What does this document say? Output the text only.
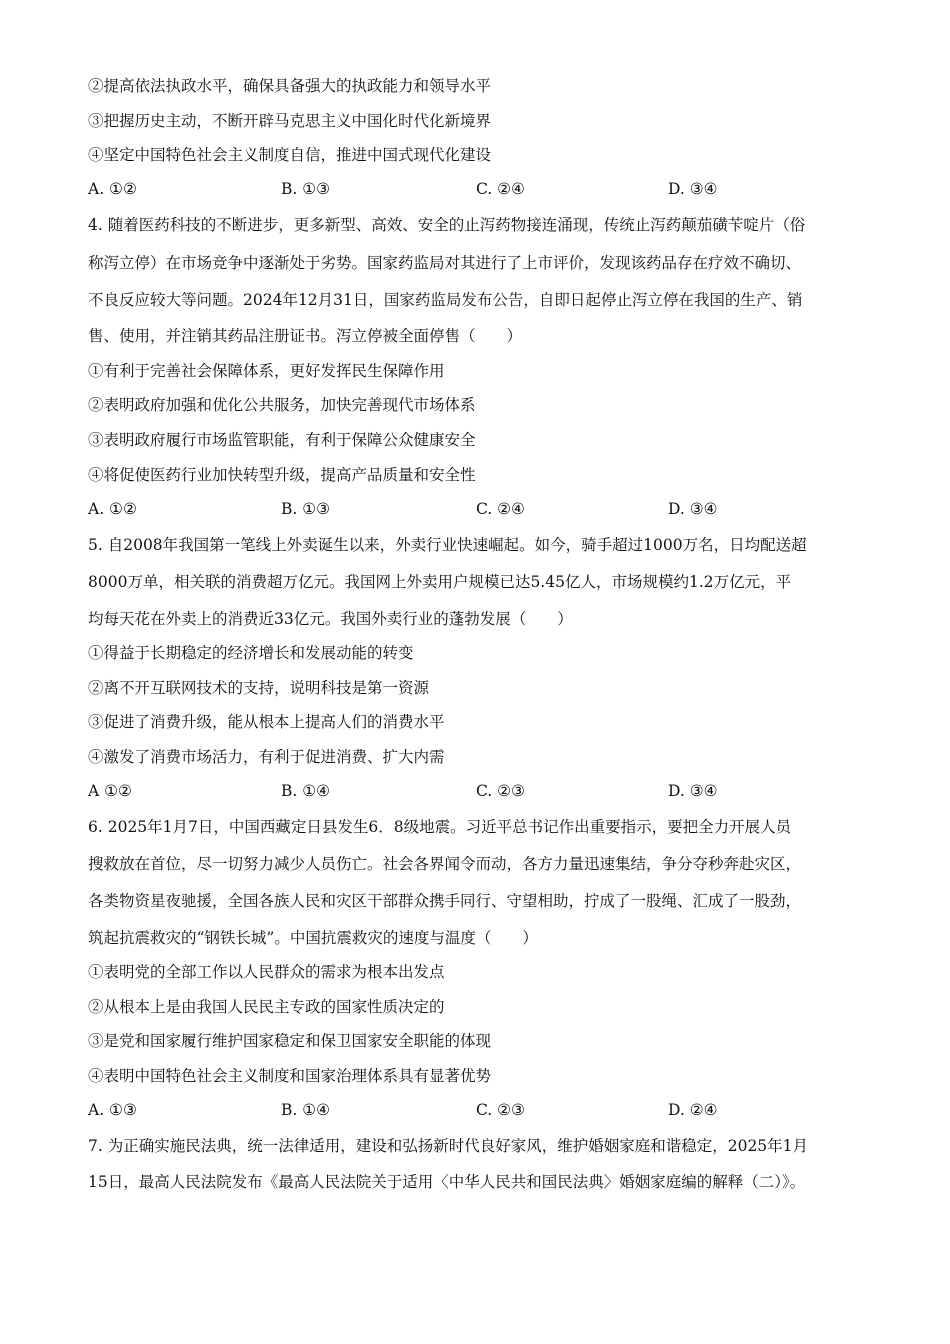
②提高依法执政水平，确保具备强大的执政能力和领导水平
③把握历史主动，不断开辟马克思主义中国化时代化新境界
④坚定中国特色社会主义制度自信，推进中国式现代化建设
A. ①②	B. ①③	C. ②④	D. ③④
4. 随着医药科技的不断进步，更多新型、高效、安全的止泻药物接连涌现，传统止泻药颠茄磺苄啶片（俗
称泻立停）在市场竞争中逐渐处于劣势。国家药监局对其进行了上市评价，发现该药品存在疗效不确切、
不良反应较大等问题。2024年12月31日，国家药监局发布公告，自即日起停止泻立停在我国的生产、销
售、使用，并注销其药品注册证书。泻立停被全面停售（　　）
①有利于完善社会保障体系，更好发挥民生保障作用
②表明政府加强和优化公共服务，加快完善现代市场体系
③表明政府履行市场监管职能，有利于保障公众健康安全
④将促使医药行业加快转型升级，提高产品质量和安全性
A. ①②	B. ①③	C. ②④	D. ③④
5. 自2008年我国第一笔线上外卖诞生以来，外卖行业快速崛起。如今，骑手超过1000万名，日均配送超
8000万单，相关联的消费超万亿元。我国网上外卖用户规模已达5.45亿人，市场规模约1.2万亿元，平
均每天花在外卖上的消费近33亿元。我国外卖行业的蓬勃发展（　　）
①得益于长期稳定的经济增长和发展动能的转变
②离不开互联网技术的支持，说明科技是第一资源
③促进了消费升级，能从根本上提高人们的消费水平
④激发了消费市场活力，有利于促进消费、扩大内需
A ①②	B. ①④	C. ②③	D. ③④
6. 2025年1月7日，中国西藏定日县发生6．8级地震。习近平总书记作出重要指示，要把全力开展人员
搜救放在首位，尽一切努力减少人员伤亡。社会各界闻令而动，各方力量迅速集结，争分夺秒奔赴灾区，
各类物资星夜驰援，全国各族人民和灾区干部群众携手同行、守望相助，拧成了一股绳、汇成了一股劲，
筑起抗震救灾的“钢铁长城”。中国抗震救灾的速度与温度（　　）
①表明党的全部工作以人民群众的需求为根本出发点
②从根本上是由我国人民民主专政的国家性质决定的
③是党和国家履行维护国家稳定和保卫国家安全职能的体现
④表明中国特色社会主义制度和国家治理体系具有显著优势
A. ①③	B. ①④	C. ②③	D. ②④
7. 为正确实施民法典，统一法律适用，建设和弘扬新时代良好家风，维护婚姻家庭和谐稳定，2025年1月
15日，最高人民法院发布《最高人民法院关于适用〈中华人民共和国民法典〉婚姻家庭编的解释（二）》。
